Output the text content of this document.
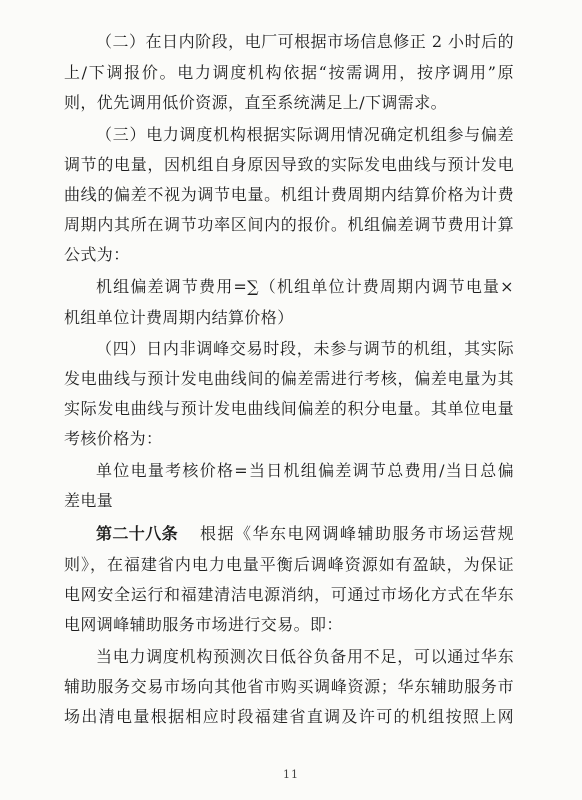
（二）在日内阶段，电厂可根据市场信息修正 2 小时后的
上/下调报价。电力调度机构依据“按需调用，按序调用”原
则，优先调用低价资源，直至系统满足上/下调需求。
（三）电力调度机构根据实际调用情况确定机组参与偏差
调节的电量，因机组自身原因导致的实际发电曲线与预计发电
曲线的偏差不视为调节电量。机组计费周期内结算价格为计费
周期内其所在调节功率区间内的报价。机组偏差调节费用计算
公式为：
机组偏差调节费用=∑（机组单位计费周期内调节电量×
机组单位计费周期内结算价格）
（四）日内非调峰交易时段，未参与调节的机组，其实际
发电曲线与预计发电曲线间的偏差需进行考核，偏差电量为其
实际发电曲线与预计发电曲线间偏差的积分电量。其单位电量
考核价格为：
单位电量考核价格=当日机组偏差调节总费用/当日总偏
差电量
第二十八条 根据《华东电网调峰辅助服务市场运营规
则》，在福建省内电力电量平衡后调峰资源如有盈缺，为保证
电网安全运行和福建清洁电源消纳，可通过市场化方式在华东
电网调峰辅助服务市场进行交易。即：
当电力调度机构预测次日低谷负备用不足，可以通过华东
辅助服务交易市场向其他省市购买调峰资源；华东辅助服务市
场出清电量根据相应时段福建省直调及许可的机组按照上网
11
